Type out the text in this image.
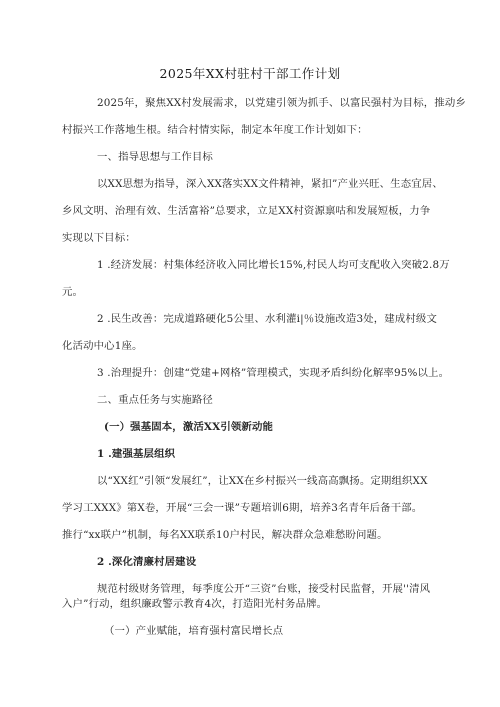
2025年XX村驻村干部工作计划
2025年，聚焦XX村发展需求，以党建引领为抓手、以富民强村为目标，推动乡
村振兴工作落地生根。结合村情实际，制定本年度工作计划如下：
一、指导思想与工作目标
以XX思想为指导，深入XX落实XX文件精神，紧扣”产业兴旺、生态宜居、
乡风文明、治理有效、生活富裕”总要求，立足XX村资源禀咕和发展短板，力争
实现以下目标：
1 .经济发展：村集体经济收入同比增长15%,村民人均可支配收入突破2.8万
元。
2 .民生改善：完成道路硬化5公里、水利灌i|％设施改造3处，建成村级文
化活动中心1座。
3 .治理提升：创建“党建+网格”管理模式，实现矛盾纠纷化解率95%以上。
二、重点任务与实施路径
(一）强基固本，激活XX引领新动能
1 .建强基层组织
以“XX红”引领“发展红”，让XX在乡村振兴一线高高飘扬。定期组织XX
学习工XXX》第X卷，开展“三会一课”专题培训6期，培养3名青年后备干部。
推行“xx联户”机制，每名XX联系10户村民，解决群众急难愁盼问题。
2 .深化清廉村居建设
规范村级财务管理，每季度公开“三资”台账，接受村民监督，开展''清风
入户”行动，组织廉政警示教育4次，打造阳光村务品牌。
（一）产业赋能，培育强村富民增长点
